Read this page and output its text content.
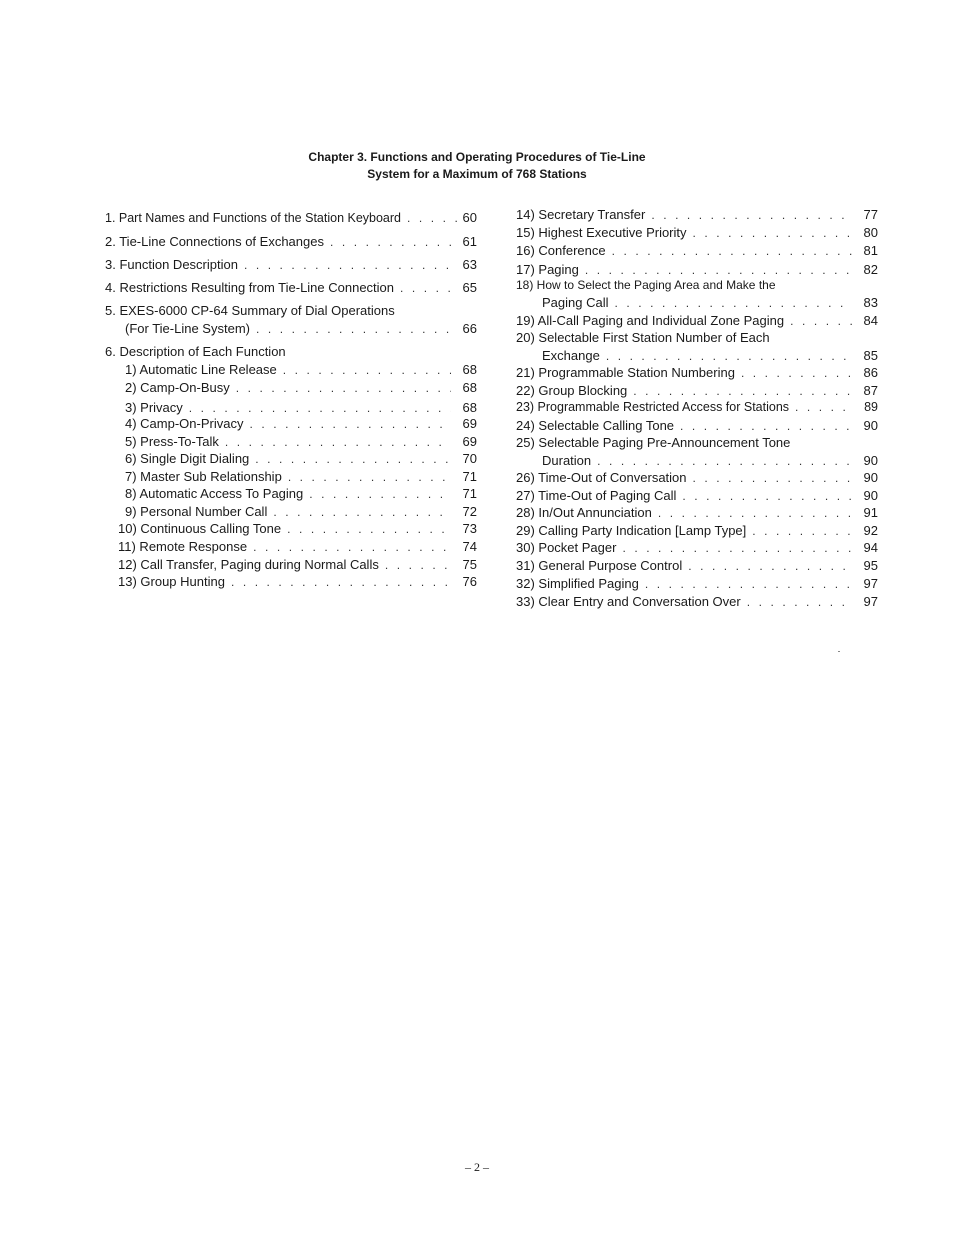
Chapter 3. Functions and Operating Procedures of Tie-Line
System for a Maximum of 768 Stations
1. Part Names and Functions of the Station Keyboard . . .	60
2. Tie-Line Connections of Exchanges . . .	61
3. Function Description . . .	63
4. Restrictions Resulting from Tie-Line Connection . . .	65
5. EXES-6000 CP-64 Summary of Dial Operations
(For Tie-Line System) . . .	66
6. Description of Each Function
1) Automatic Line Release . . .	68
2) Camp-On-Busy . . .	68
3) Privacy . . .	68
4) Camp-On-Privacy . . .	69
5) Press-To-Talk . . .	69
6) Single Digit Dialing . . .	70
7) Master Sub Relationship . . .	71
8) Automatic Access To Paging . . .	71
9) Personal Number Call . . .	72
10) Continuous Calling Tone . . .	73
11) Remote Response . . .	74
12) Call Transfer, Paging during Normal Calls . . .	75
13) Group Hunting . . .	76
14) Secretary Transfer . . .	77
15) Highest Executive Priority . . .	80
16) Conference . . .	81
17) Paging . . .	82
18) How to Select the Paging Area and Make the
Paging Call . . .	83
19) All-Call Paging and Individual Zone Paging . . .	84
20) Selectable First Station Number of Each
Exchange . . .	85
21) Programmable Station Numbering . . .	86
22) Group Blocking . . .	87
23) Programmable Restricted Access for Stations . . .	89
24) Selectable Calling Tone . . .	90
25) Selectable Paging Pre-Announcement Tone
Duration . . .	90
26) Time-Out of Conversation . . .	90
27) Time-Out of Paging Call . . .	90
28) In/Out Annunciation . . .	91
29) Calling Party Indication [Lamp Type] . . .	92
30) Pocket Pager . . .	94
31) General Purpose Control . . .	95
32) Simplified Paging . . .	97
33) Clear Entry and Conversation Over . . .	97
– 2 –
